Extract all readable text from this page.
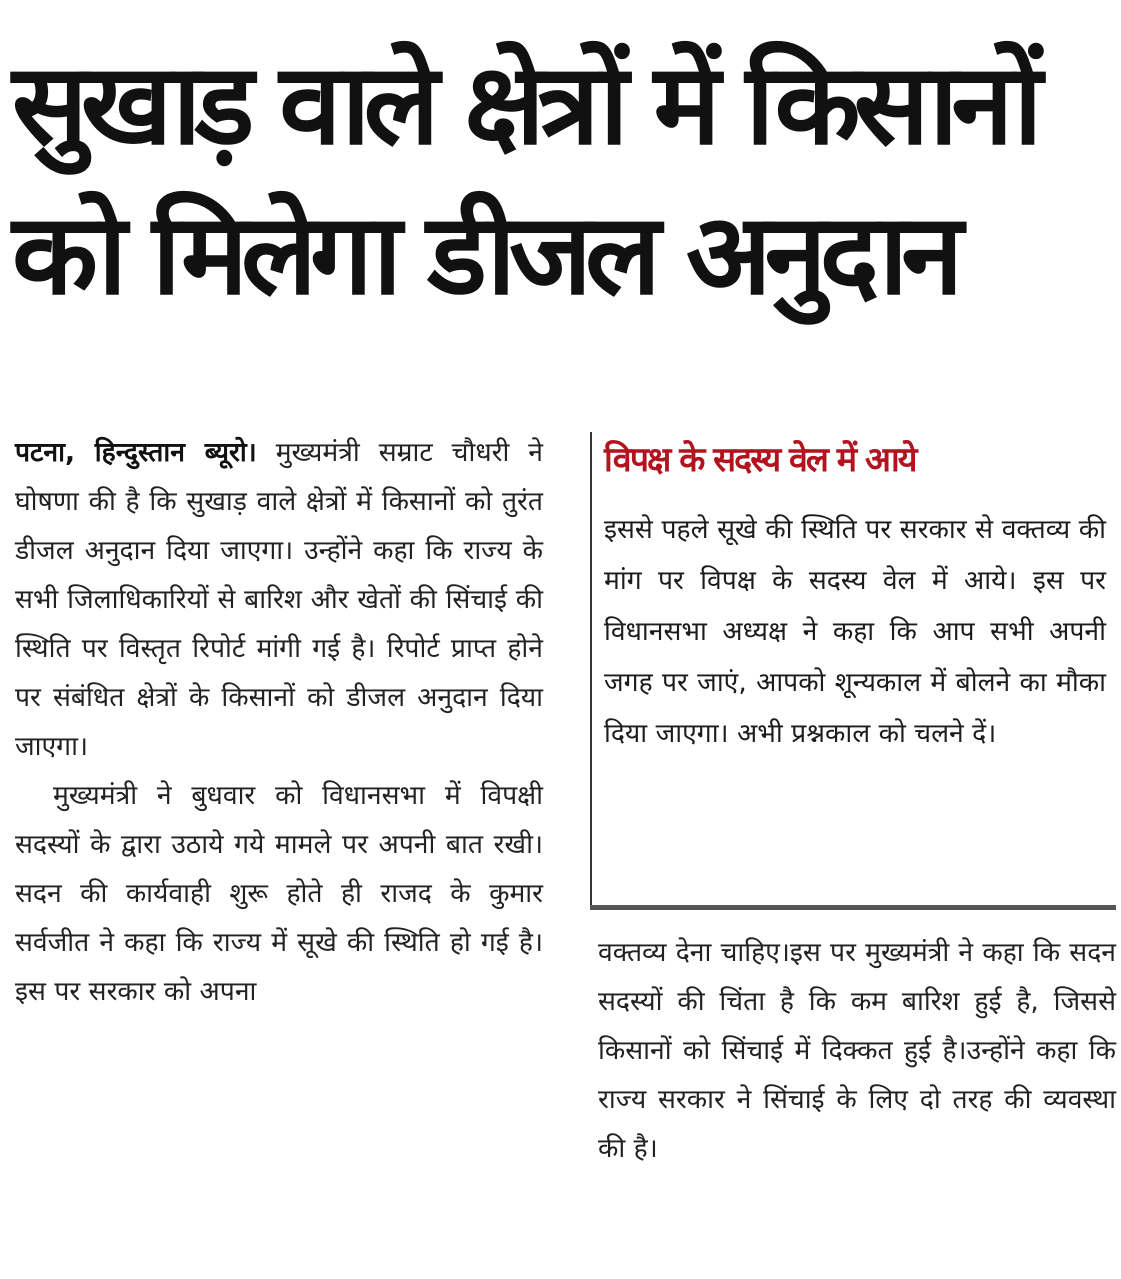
सुखाड़ वाले क्षेत्रों में किसानों
को मिलेगा डीजल अनुदान

पटना, हिन्दुस्तान ब्यूरो। मुख्यमंत्री सम्राट चौधरी ने घोषणा की है कि सुखाड़ वाले क्षेत्रों में किसानों को तुरंत डीजल अनुदान दिया जाएगा। उन्होंने कहा कि राज्य के सभी जिलाधिकारियों से बारिश और खेतों की सिंचाई की स्थिति पर विस्तृत रिपोर्ट मांगी गई है। रिपोर्ट प्राप्त होने पर संबंधित क्षेत्रों के किसानों को डीजल अनुदान दिया जाएगा।

मुख्यमंत्री ने बुधवार को विधानसभा में विपक्षी सदस्यों के द्वारा उठाये गये मामले पर अपनी बात रखी। सदन की कार्यवाही शुरू होते ही राजद के कुमार सर्वजीत ने कहा कि राज्य में सूखे की स्थिति हो गई है।इस पर सरकार को अपना

विपक्ष के सदस्य वेल में आये

इससे पहले सूखे की स्थिति पर सरकार से वक्तव्य की मांग पर विपक्ष के सदस्य वेल में आये। इस पर विधानसभा अध्यक्ष ने कहा कि आप सभी अपनी जगह पर जाएं, आपको शून्यकाल में बोलने का मौका दिया जाएगा। अभी प्रश्नकाल को चलने दें।

वक्तव्य देना चाहिए।इस पर मुख्यमंत्री ने कहा कि सदन सदस्यों की चिंता है कि कम बारिश हुई है, जिससे किसानों को सिंचाई में दिक्कत हुई है।उन्होंने कहा कि राज्य सरकार ने सिंचाई के लिए दो तरह की व्यवस्था की है।
